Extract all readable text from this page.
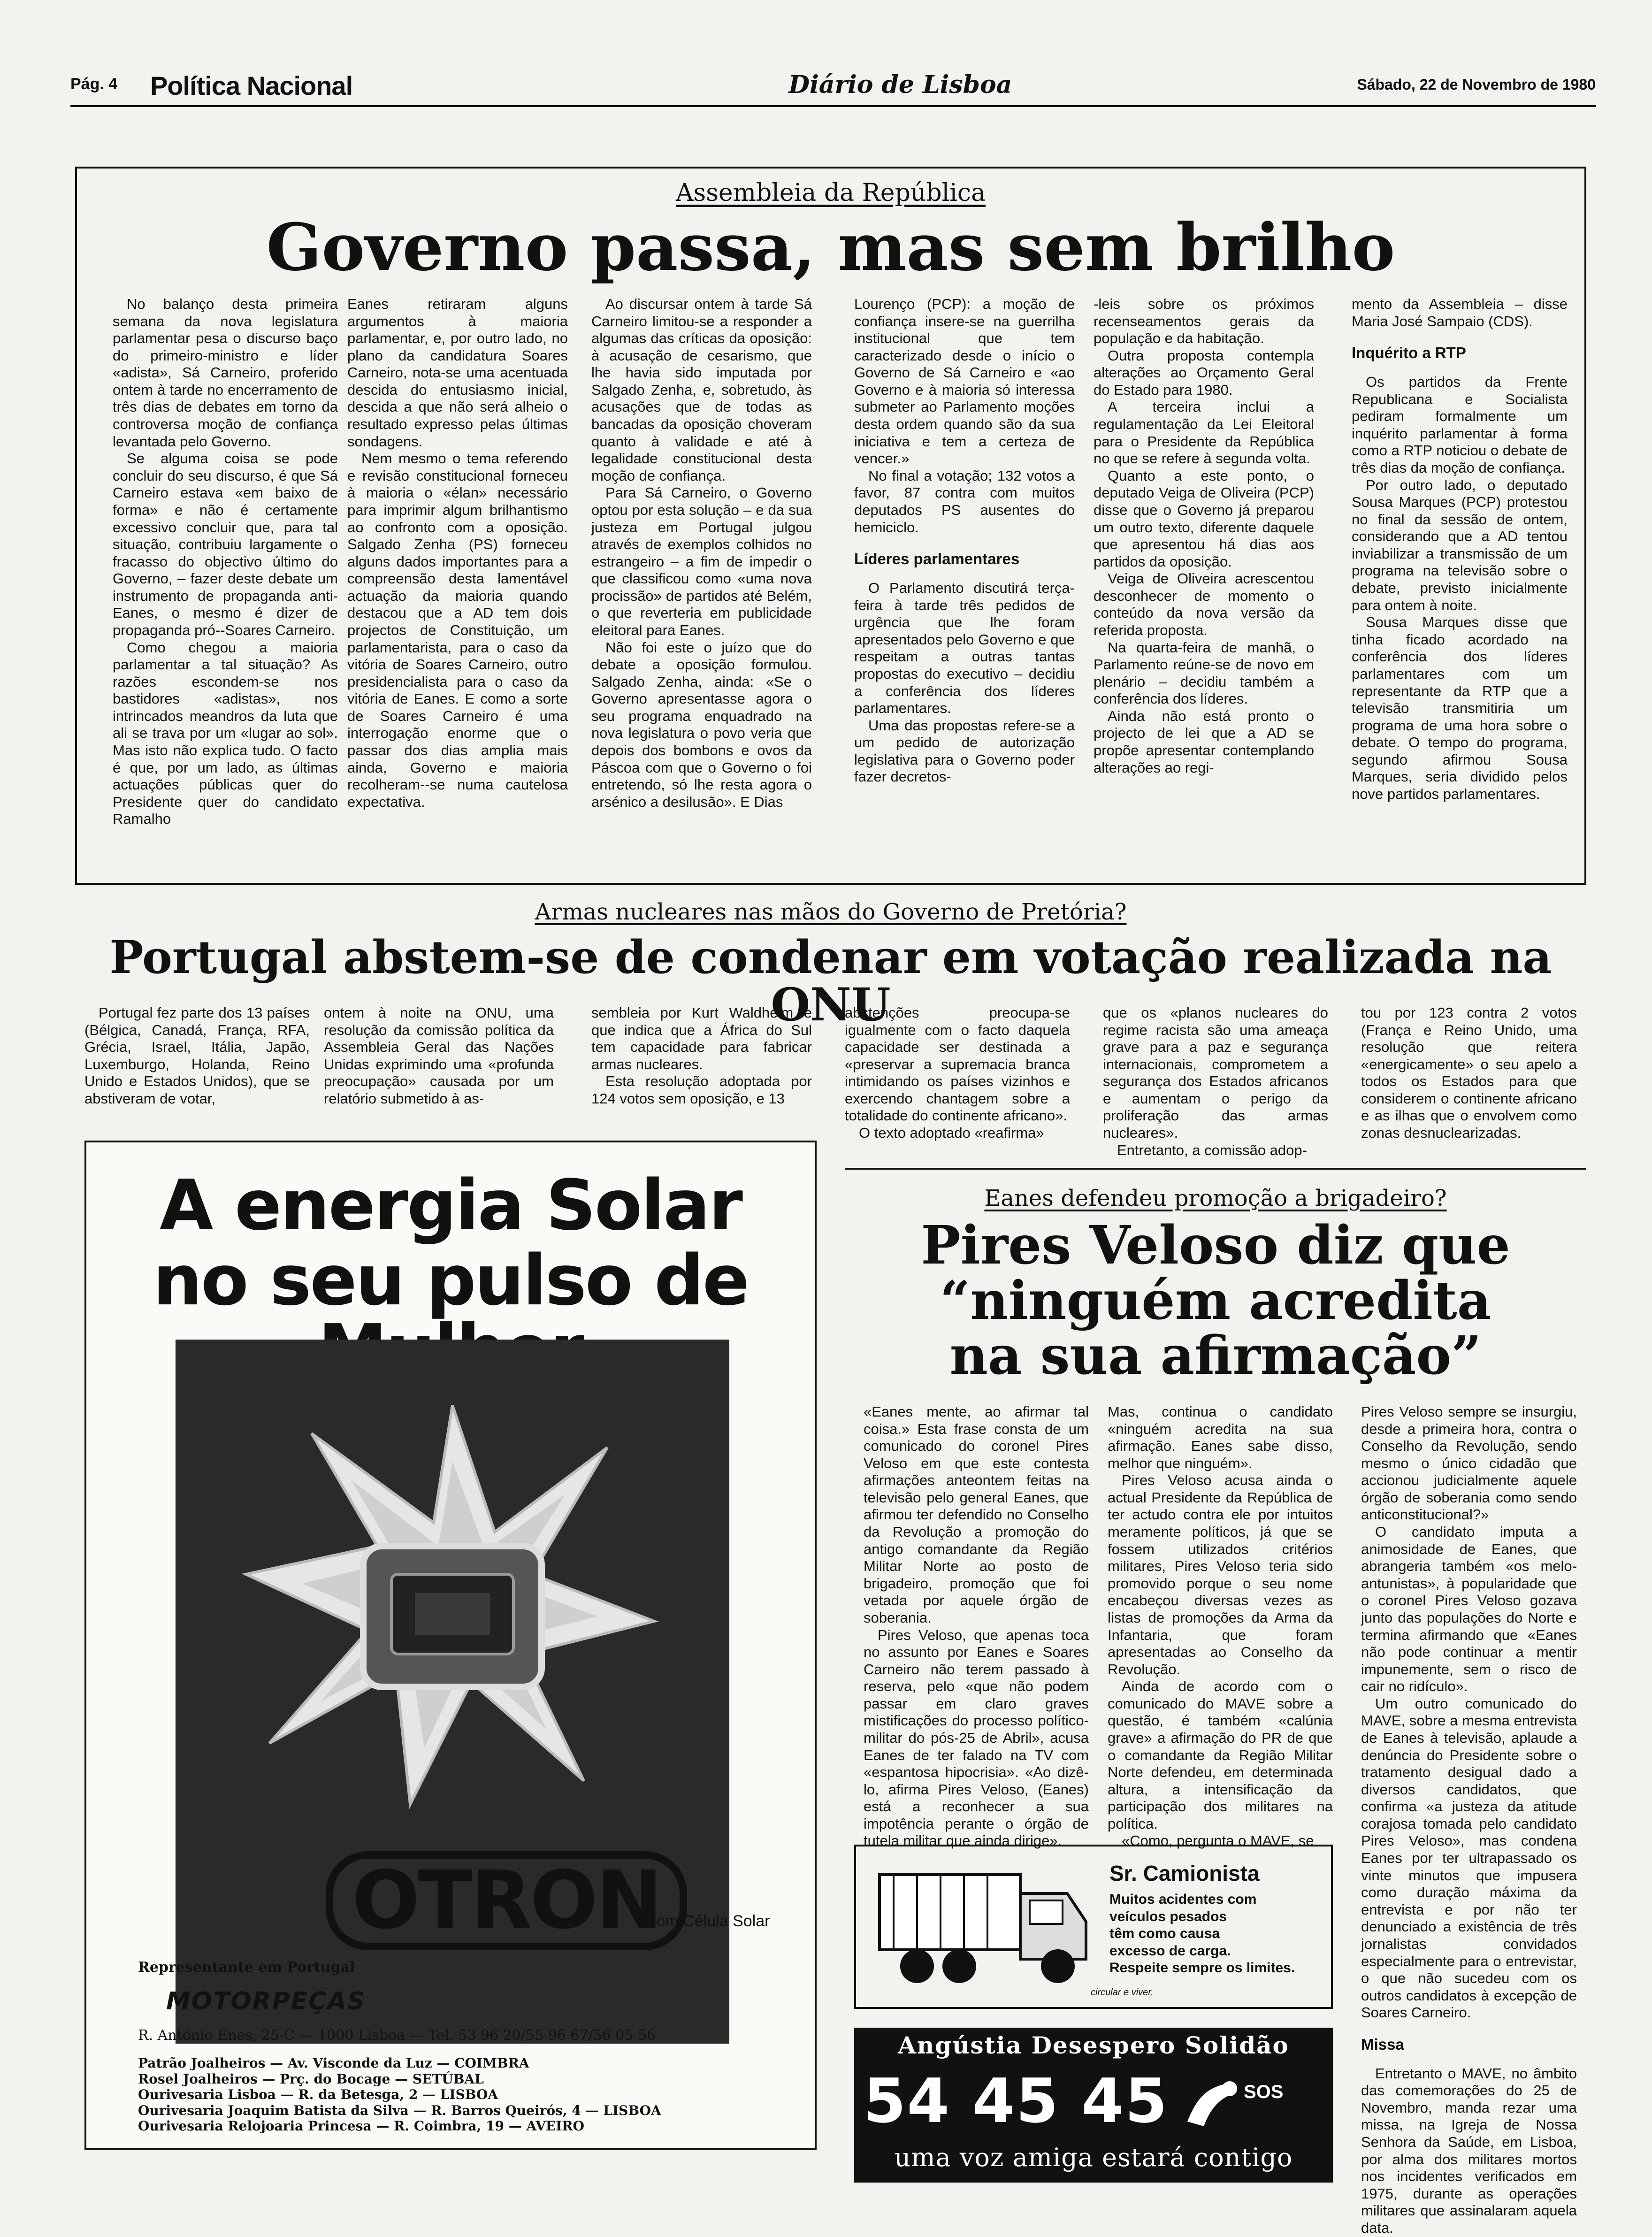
Pág. 4 Política Nacional	Diário de Lisboa	Sábado, 22 de Novembro de 1980
Assembleia da República
Governo passa, mas sem brilho

No balanço desta primeira semana da nova legislatura parlamentar pesa o discurso baço do primeiro-ministro e líder «adista», Sá Carneiro, proferido ontem à tarde no encerramento de três dias de debates em torno da controversa moção de confiança levantada pelo Governo.

Se alguma coisa se pode concluir do seu discurso, é que Sá Carneiro estava «em baixo de forma» e não é certamente excessivo concluir que, para tal situação, contribuiu largamente o fracasso do objectivo último do Governo, – fazer deste debate um instrumento de propaganda anti-Eanes, o mesmo é dizer de propaganda pró--Soares Carneiro.

Como chegou a maioria parlamentar a tal situação? As razões escondem-se nos bastidores «adistas», nos intrincados meandros da luta que ali se trava por um «lugar ao sol». Mas isto não explica tudo. O facto é que, por um lado, as últimas actuações públicas quer do Presidente quer do candidato Ramalho

Eanes retiraram alguns argumentos à maioria parlamentar, e, por outro lado, no plano da candidatura Soares Carneiro, nota-se uma acentuada descida do entusiasmo inicial, descida a que não será alheio o resultado expresso pelas últimas sondagens.

Nem mesmo o tema referendo e revisão constitucional forneceu à maioria o «élan» necessário para imprimir algum brilhantismo ao confronto com a oposição. Salgado Zenha (PS) forneceu alguns dados importantes para a compreensão desta lamentável actuação da maioria quando destacou que a AD tem dois projectos de Constituição, um parlamentarista, para o caso da vitória de Soares Carneiro, outro presidencialista para o caso da vitória de Eanes. E como a sorte de Soares Carneiro é uma interrogação enorme que o passar dos dias amplia mais ainda, Governo e maioria recolheram--se numa cautelosa expectativa.

Ao discursar ontem à tarde Sá Carneiro limitou-se a responder a algumas das críticas da oposição: à acusação de cesarismo, que lhe havia sido imputada por Salgado Zenha, e, sobretudo, às acusações que de todas as bancadas da oposição choveram quanto à validade e até à legalidade constitucional desta moção de confiança.

Para Sá Carneiro, o Governo optou por esta solução – e da sua justeza em Portugal julgou através de exemplos colhidos no estrangeiro – a fim de impedir o que classificou como «uma nova procissão» de partidos até Belém, o que reverteria em publicidade eleitoral para Eanes.

Não foi este o juízo que do debate a oposição formulou. Salgado Zenha, ainda: «Se o Governo apresentasse agora o seu programa enquadrado na nova legislatura o povo veria que depois dos bombons e ovos da Páscoa com que o Governo o foi entretendo, só lhe resta agora o arsénico a desilusão». E Dias

Lourenço (PCP): a moção de confiança insere-se na guerrilha institucional que tem caracterizado desde o início o Governo de Sá Carneiro e «ao Governo e à maioria só interessa submeter ao Parlamento moções desta ordem quando são da sua iniciativa e tem a certeza de vencer.»

No final a votação; 132 votos a favor, 87 contra com muitos deputados PS ausentes do hemiciclo.

Líderes parlamentares

O Parlamento discutirá terça-feira à tarde três pedidos de urgência que lhe foram apresentados pelo Governo e que respeitam a outras tantas propostas do executivo – decidiu a conferência dos líderes parlamentares.

Uma das propostas refere-se a um pedido de autorização legislativa para o Governo poder fazer decretos-

-leis sobre os próximos recenseamentos gerais da população e da habitação.

Outra proposta contempla alterações ao Orçamento Geral do Estado para 1980.

A terceira inclui a regulamentação da Lei Eleitoral para o Presidente da República no que se refere à segunda volta.

Quanto a este ponto, o deputado Veiga de Oliveira (PCP) disse que o Governo já preparou um outro texto, diferente daquele que apresentou há dias aos partidos da oposição.

Veiga de Oliveira acrescentou desconhecer de momento o conteúdo da nova versão da referida proposta.

Na quarta-feira de manhã, o Parlamento reúne-se de novo em plenário – decidiu também a conferência dos líderes.

Ainda não está pronto o projecto de lei que a AD se propõe apresentar contemplando alterações ao regi-

mento da Assembleia – disse Maria José Sampaio (CDS).

Inquérito a RTP

Os partidos da Frente Republicana e Socialista pediram formalmente um inquérito parlamentar à forma como a RTP noticiou o debate de três dias da moção de confiança.

Por outro lado, o deputado Sousa Marques (PCP) protestou no final da sessão de ontem, considerando que a AD tentou inviabilizar a transmissão de um programa na televisão sobre o debate, previsto inicialmente para ontem à noite.

Sousa Marques disse que tinha ficado acordado na conferência dos líderes parlamentares com um representante da RTP que a televisão transmitiria um programa de uma hora sobre o debate. O tempo do programa, segundo afirmou Sousa Marques, seria dividido pelos nove partidos parlamentares.

Armas nucleares nas mãos do Governo de Pretória?
Portugal abstem-se de condenar em votação realizada na ONU

Portugal fez parte dos 13 países (Bélgica, Canadá, França, RFA, Grécia, Israel, Itália, Japão, Luxemburgo, Holanda, Reino Unido e Estados Unidos), que se abstiveram de votar,

ontem à noite na ONU, uma resolução da comissão política da Assembleia Geral das Nações Unidas exprimindo uma «profunda preocupação» causada por um relatório submetido à as-

sembleia por Kurt Waldheim e que indica que a África do Sul tem capacidade para fabricar armas nucleares.

Esta resolução adoptada por 124 votos sem oposição, e 13

abstenções preocupa-se igualmente com o facto daquela capacidade ser destinada a «preservar a supremacia branca intimidando os países vizinhos e exercendo chantagem sobre a totalidade do continente africano».

O texto adoptado «reafirma»

que os «planos nucleares do regime racista são uma ameaça grave para a paz e segurança internacionais, comprometem a segurança dos Estados africanos e aumentam o perigo da proliferação das armas nucleares».

Entretanto, a comissão adop-

tou por 123 contra 2 votos (França e Reino Unido, uma resolução que reitera «energicamente» o seu apelo a todos os Estados para que considerem o continente africano e as ilhas que o envolvem como zonas desnuclearizadas.

Eanes defendeu promoção a brigadeiro?
Pires Veloso diz que
“ninguém acredita
na sua afirmação”

«Eanes mente, ao afirmar tal coisa.» Esta frase consta de um comunicado do coronel Pires Veloso em que este contesta afirmações anteontem feitas na televisão pelo general Eanes, que afirmou ter defendido no Conselho da Revolução a promoção do antigo comandante da Região Militar Norte ao posto de brigadeiro, promoção que foi vetada por aquele órgão de soberania.

Pires Veloso, que apenas toca no assunto por Eanes e Soares Carneiro não terem passado à reserva, pelo «que não podem passar em claro graves mistificações do processo político-militar do pós-25 de Abril», acusa Eanes de ter falado na TV com «espantosa hipocrisia». «Ao dizê-lo, afirma Pires Veloso, (Eanes) está a reconhecer a sua impotência perante o órgão de tutela militar que ainda dirige».

Mas, continua o candidato «ninguém acredita na sua afirmação. Eanes sabe disso, melhor que ninguém».

Pires Veloso acusa ainda o actual Presidente da República de ter actudo contra ele por intuitos meramente políticos, já que se fossem utilizados critérios militares, Pires Veloso teria sido promovido porque o seu nome encabeçou diversas vezes as listas de promoções da Arma da Infantaria, que foram apresentadas ao Conselho da Revolução.

Ainda de acordo com o comunicado do MAVE sobre a questão, é também «calúnia grave» a afirmação do PR de que o comandante da Região Militar Norte defendeu, em determinada altura, a intensificação da participação dos militares na política.

«Como, pergunta o MAVE, se

Pires Veloso sempre se insurgiu, desde a primeira hora, contra o Conselho da Revolução, sendo mesmo o único cidadão que accionou judicialmente aquele órgão de soberania como sendo anticonstitucional?»

O candidato imputa a animosidade de Eanes, que abrangeria também «os melo-antunistas», à popularidade que o coronel Pires Veloso gozava junto das populações do Norte e termina afirmando que «Eanes não pode continuar a mentir impunemente, sem o risco de cair no ridículo».

Um outro comunicado do MAVE, sobre a mesma entrevista de Eanes à televisão, aplaude a denúncia do Presidente sobre o tratamento desigual dado a diversos candidatos, que confirma «a justeza da atitude corajosa tomada pelo candidato Pires Veloso», mas condena Eanes por ter ultrapassado os vinte minutos que impusera como duração máxima da entrevista e por não ter denunciado a existência de três jornalistas convidados especialmente para o entrevistar, o que não sucedeu com os outros candidatos à excepção de Soares Carneiro.

Missa

Entretanto o MAVE, no âmbito das comemorações do 25 de Novembro, manda rezar uma missa, na Igreja de Nossa Senhora da Saúde, em Lisboa, por alma dos militares mortos nos incidentes verificados em 1975, durante as operações militares que assinalaram aquela data.

A energia Solar
no seu pulso de
OTRON
Com Célula Solar
Representante em Portugal
MOTORPEÇAS
R. António Enes, 25-C — 1000 Lisboa — Tel. 53 96 20/55 96 67/56 05 56
Patrão Joalheiros — Av. Visconde da Luz — COIMBRA
Rosel Joalheiros — Prç. do Bocage — SETÚBAL
Ourivesaria Lisboa — R. da Betesga, 2 — LISBOA
Ourivesaria Joaquim Batista da Silva — R. Barros Queirós, 4 — LISBOA
Ourivesaria Relojoaria Princesa — R. Coimbra, 19 — AVEIRO
Sr. Camionista
Muitos acidentes com
veículos pesados
têm como causa
excesso de carga.
Respeite sempre os limites.
circular e viver.
Angústia Desespero Solidão
54 45 45	SOS
uma voz amiga estará contigo
